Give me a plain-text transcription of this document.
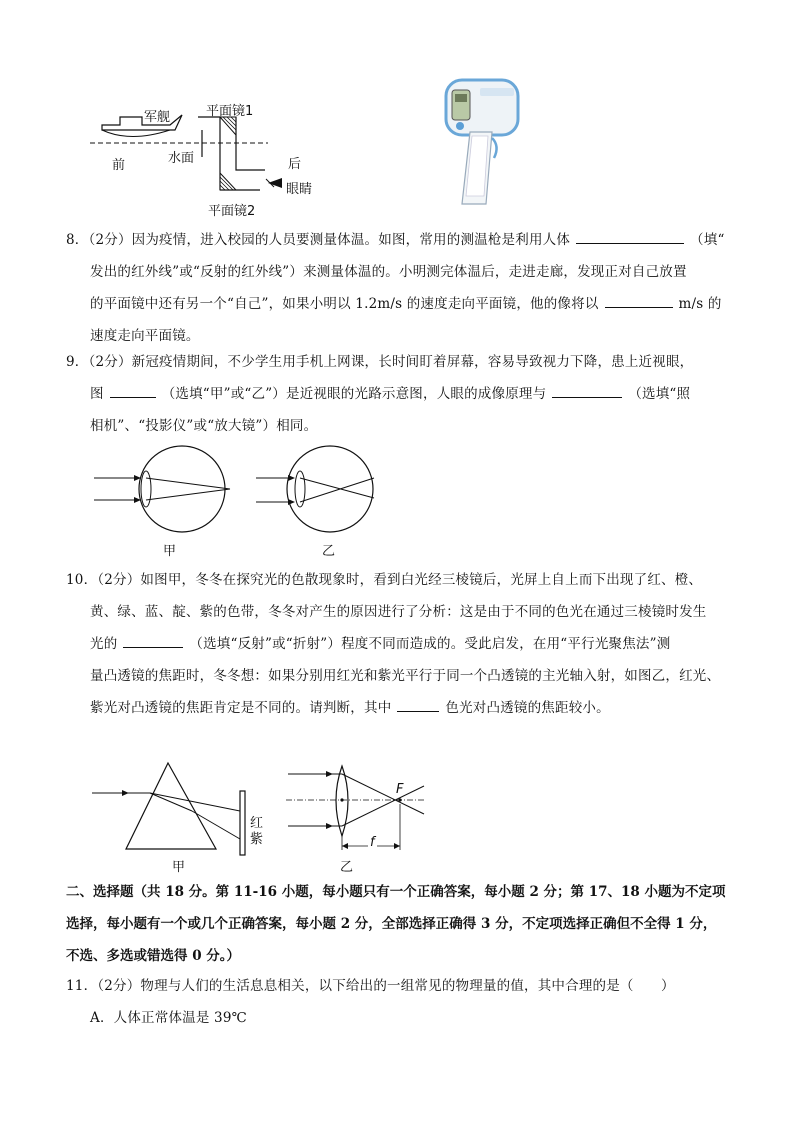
军舰	平面镜1
前	水面	后
眼睛
平面镜2
8．（2分）因为疫情，进入校园的人员要测量体温。如图，常用的测温枪是利用人体	（填“
发出的红外线”或“反射的红外线”）来测量体温的。小明测完体温后，走进走廊，发现正对自己放置
的平面镜中还有另一个“自己”，如果小明以 1.2m/s 的速度走向平面镜，他的像将以	m/s 的
速度走向平面镜。
9．（2分）新冠疫情期间，不少学生用手机上网课，长时间盯着屏幕，容易导致视力下降，患上近视眼，
图	（选填“甲”或“乙”）是近视眼的光路示意图，人眼的成像原理与	（选填“照
相机”、“投影仪”或“放大镜”）相同。
甲	乙
10．（2分）如图甲，冬冬在探究光的色散现象时，看到白光经三棱镜后，光屏上自上而下出现了红、橙、
黄、绿、蓝、靛、紫的色带，冬冬对产生的原因进行了分析：这是由于不同的色光在通过三棱镜时发生
光的	（选填“反射”或“折射”）程度不同而造成的。受此启发，在用“平行光聚焦法”测
量凸透镜的焦距时，冬冬想：如果分别用红光和紫光平行于同一个凸透镜的主光轴入射，如图乙，红光、
紫光对凸透镜的焦距肯定是不同的。请判断，其中	色光对凸透镜的焦距较小。
红
紫
甲
F
f
乙
二、选择题（共 18 分。第 11-16 小题，每小题只有一个正确答案，每小题 2 分；第 17、18 小题为不定项
选择，每小题有一个或几个正确答案，每小题 2 分，全部选择正确得 3 分，不定项选择正确但不全得 1 分，
不选、多选或错选得 0 分。）
11．（2分）物理与人们的生活息息相关，以下给出的一组常见的物理量的值，其中合理的是（　　）
A．人体正常体温是 39℃
